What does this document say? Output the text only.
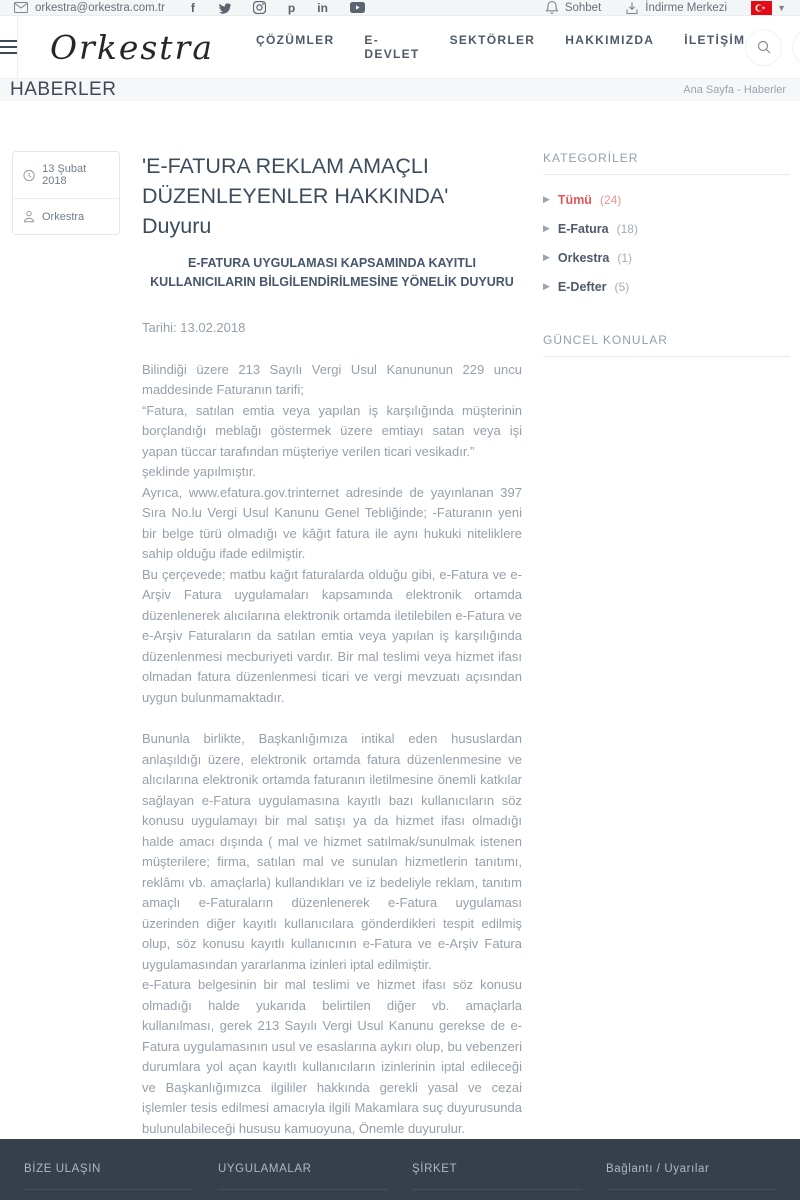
orkestra@orkestra.com.tr f	p in	Sohbet	İndirme Merkezi	▼
Orkestra	ÇÖZÜMLER	E-DEVLET
SEKTÖRLER	HAKKIMIZDA	İLETİŞİM
HABERLER	Ana Sayfa - Haberler
13 Şubat 2018
Orkestra
'E-FATURA REKLAM AMAÇLI DÜZENLEYENLER HAKKINDA' Duyuru
E-FATURA UYGULAMASI KAPSAMINDA KAYITLI KULLANICILARIN BİLGİLENDİRİLMESİNE YÖNELİK DUYURU

Tarihi: 13.02.2018

Bilindiği üzere 213 Sayılı Vergi Usul Kanununun 229 uncu maddesinde Faturanın tarifi;

“Fatura, satılan emtia veya yapılan iş karşılığında müşterinin borçlandığı meblağı göstermek üzere emtiayı satan veya işi yapan tüccar tarafından müşteriye verilen ticari vesikadır.”

şeklinde yapılmıştır.

Ayrıca, www.efatura.gov.trinternet adresinde de yayınlanan 397 Sıra No.lu Vergi Usul Kanunu Genel Tebliğinde; -Faturanın yeni bir belge türü olmadığı ve kâğıt fatura ile aynı hukuki niteliklere sahip olduğu ifade edilmiştir.

Bu çerçevede; matbu kağıt faturalarda olduğu gibi, e-Fatura ve e-Arşiv Fatura uygulamaları kapsamında elektronik ortamda düzenlenerek alıcılarına elektronik ortamda iletilebilen e-Fatura ve e-Arşiv Faturaların da satılan emtia veya yapılan iş karşılığında düzenlenmesi mecburiyeti vardır. Bir mal teslimi veya hizmet ifası olmadan fatura düzenlenmesi ticari ve vergi mevzuatı açısından uygun bulunmamaktadır.

Bununla birlikte, Başkanlığımıza intikal eden hususlardan anlaşıldığı üzere, elektronik ortamda fatura düzenlenmesine ve alıcılarına elektronik ortamda faturanın iletilmesine önemli katkılar sağlayan e-Fatura uygulamasına kayıtlı bazı kullanıcıların söz konusu uygulamayı bir mal satışı ya da hizmet ifası olmadığı halde amacı dışında ( mal ve hizmet satılmak/sunulmak istenen müşterilere; firma, satılan mal ve sunulan hizmetlerin tanıtımı, reklâmı vb. amaçlarla) kullandıkları ve iz bedeliyle reklam, tanıtım amaçlı e-Faturaların düzenlenerek e-Fatura uygulaması üzerinden diğer kayıtlı kullanıcılara gönderdikleri tespit edilmiş olup, söz konusu kayıtlı kullanıcının e-Fatura ve e-Arşiv Fatura uygulamasından yararlanma izinleri iptal edilmiştir.

e-Fatura belgesinin bir mal teslimi ve hizmet ifası söz konusu olmadığı halde yukarıda belirtilen diğer vb. amaçlarla kullanılması, gerek 213 Sayılı Vergi Usul Kanunu gerekse de e-Fatura uygulamasının usul ve esaslarına aykırı olup, bu vebenzeri durumlara yol açan kayıtlı kullanıcıların izinlerinin iptal edileceği ve Başkanlığımızca ilgililer hakkında gerekli yasal ve cezai işlemler tesis edilmesi amacıyla ilgili Makamlara suç duyurusunda bulunulabileceği hususu kamuoyuna, Önemle duyurulur.

KATEGORİLER
▶ Tümü (24)
▶ E-Fatura (18)
▶ Orkestra (1)
▶ E-Defter (5)
GÜNCEL KONULAR
BİZE ULAŞIN	UYGULAMALAR	ŞİRKET	Bağlantı / Uyarılar
